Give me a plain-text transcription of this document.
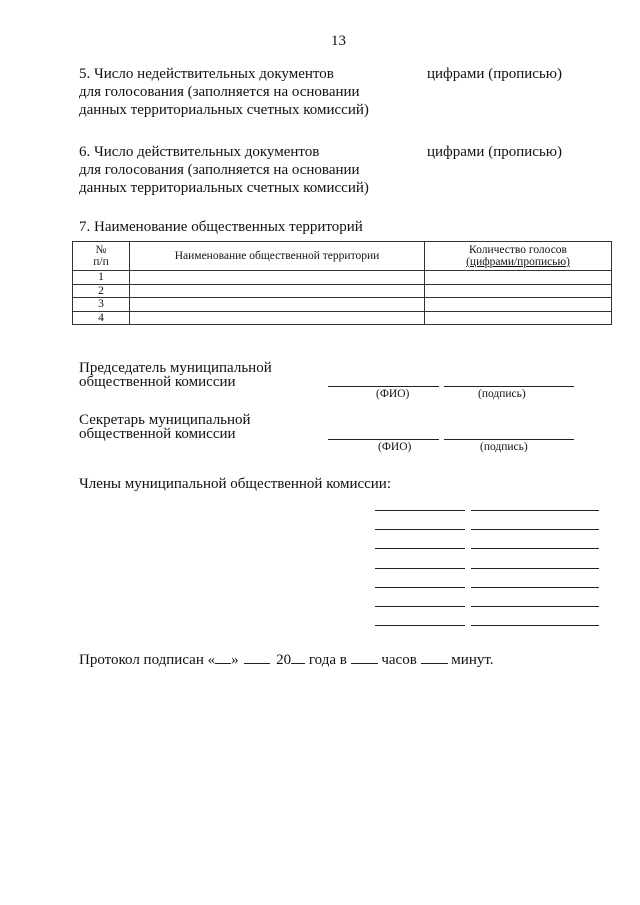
13
5. Число недействительных документов
для голосования (заполняется на основании
данных территориальных счетных комиссий)
цифрами (прописью)
6. Число действительных документов
для голосования (заполняется на основании
данных территориальных счетных комиссий)
цифрами (прописью)
7. Наименование общественных территорий
№
п/п	Наименование общественной территории	Количество голосов
(цифрами/прописью)
1		
2		
3		
4		
Председатель муниципальной
общественной комиссии
(ФИО)	(подпись)
Секретарь муниципальной
общественной комиссии
(ФИО)	(подпись)
Члены муниципальной общественной комиссии:
Протокол подписан « »	20 года в часов минут.
